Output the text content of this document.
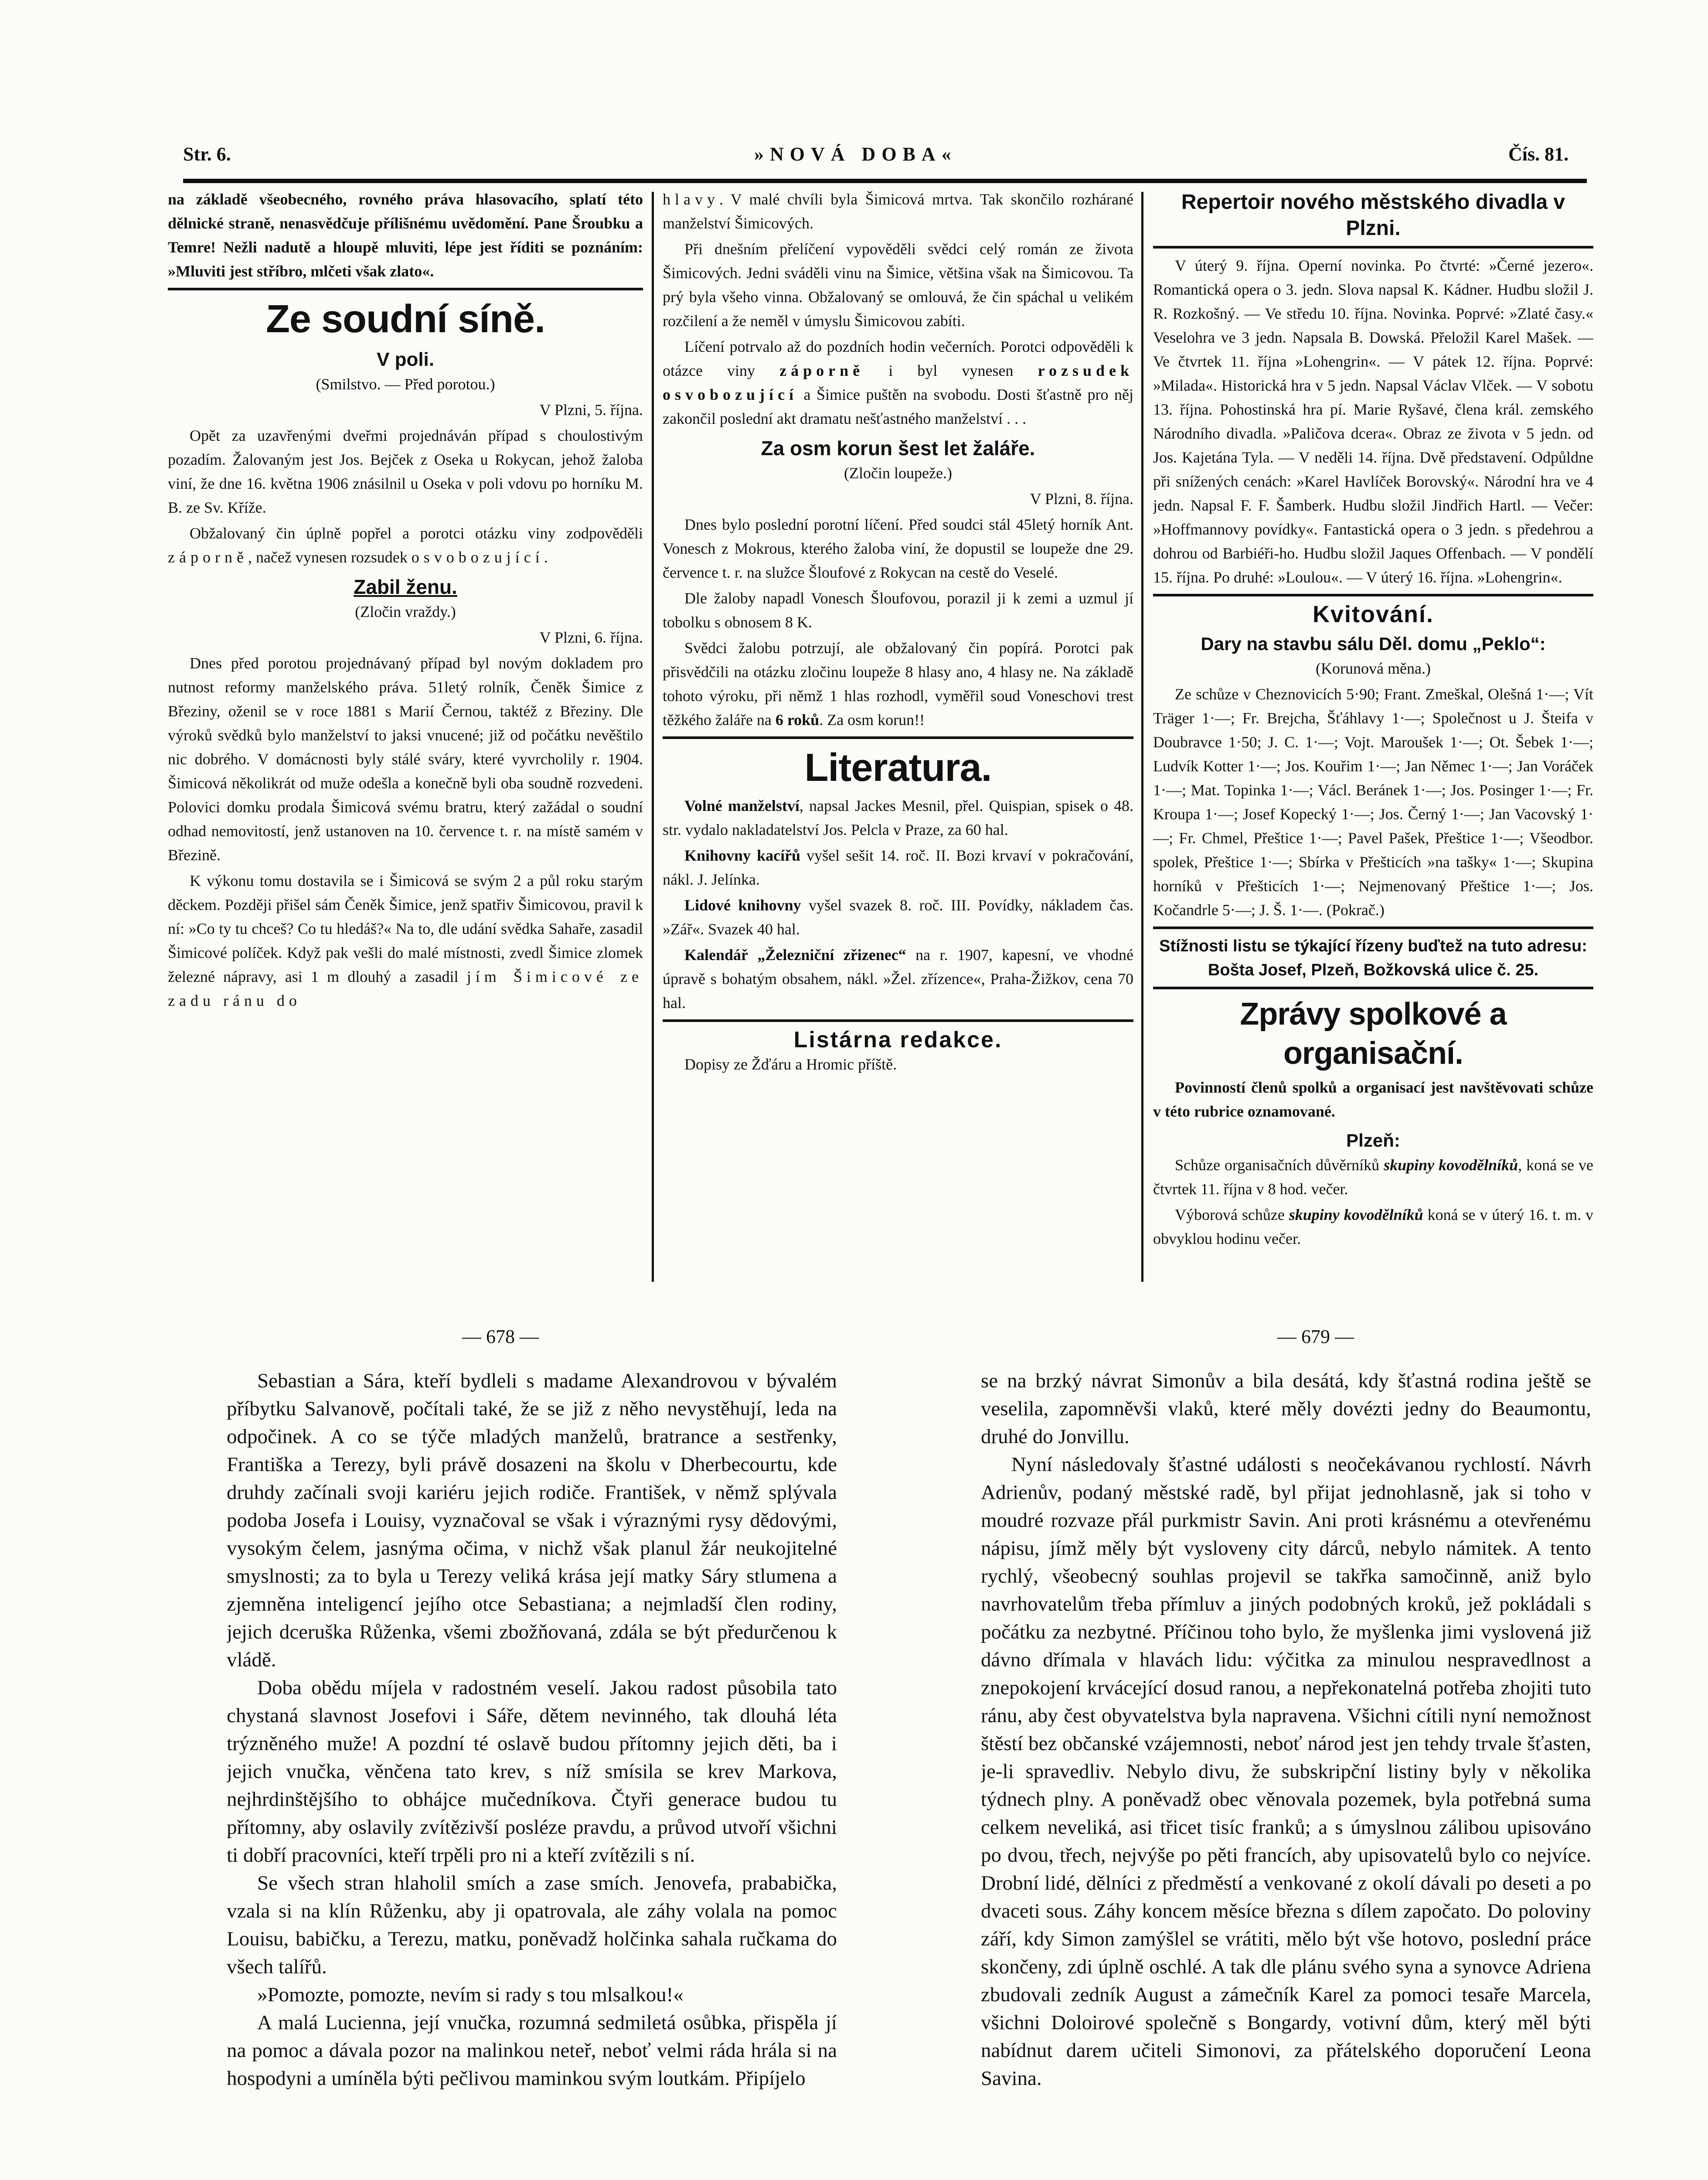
Str. 6.	»NOVÁ DOBA«	Čís. 81.

na základě všeobecného, rovného práva hlasovacího, splatí této dělnické straně, nenasvědčuje přílišnému uvědomění. Pane Šroubku a Temre! Nežli nadutě a hloupě mluviti, lépe jest říditi se poznáním: »Mluviti jest stříbro, mlčeti však zlato«.

Ze soudní síně.
V poli.

(Smilstvo. — Před porotou.)

V Plzni, 5. října.

Opět za uzavřenými dveřmi projednáván případ s choulostivým pozadím. Žalovaným jest Jos. Bejček z Oseka u Rokycan, jehož žaloba viní, že dne 16. května 1906 znásilnil u Oseka v poli vdovu po horníku M. B. ze Sv. Kříže.

Obžalovaný čin úplně popřel a porotci otázku viny zodpověděli záporně, načež vynesen rozsudek osvobozující.

Zabil ženu.

(Zločin vraždy.)

V Plzni, 6. října.

Dnes před porotou projednávaný případ byl novým dokladem pro nutnost reformy manželského práva. 51letý rolník, Čeněk Šimice z Březiny, oženil se v roce 1881 s Marií Černou, taktéž z Březiny. Dle výroků svědků bylo manželství to jaksi vnucené; již od počátku nevěštilo nic dobrého. V domácnosti byly stálé sváry, které vyvrcholily r. 1904. Šimicová několikrát od muže odešla a konečně byli oba soudně rozvedeni. Polovici domku prodala Šimicová svému bratru, který zažádal o soudní odhad nemovitostí, jenž ustanoven na 10. července t. r. na místě samém v Březině.

K výkonu tomu dostavila se i Šimicová se svým 2 a půl roku starým děckem. Později přišel sám Čeněk Šimice, jenž spatřiv Šimicovou, pravil k ní: »Co ty tu chceš? Co tu hledáš?« Na to, dle udání svědka Sahaře, zasadil Šimicové políček. Když pak vešli do malé místnosti, zvedl Šimice zlomek železné nápravy, asi 1 m dlouhý a zasadil jím Šimicové ze zadu ránu do

hlavy. V malé chvíli byla Šimicová mrtva. Tak skončilo rozhárané manželství Šimicových.

Při dnešním přelíčení vypověděli svědci celý román ze života Šimicových. Jedni sváděli vinu na Šimice, většina však na Šimicovou. Ta prý byla všeho vinna. Obžalovaný se omlouvá, že čin spáchal u velikém rozčilení a že neměl v úmyslu Šimicovou zabíti.

Líčení potrvalo až do pozdních hodin večerních. Porotci odpověděli k otázce viny záporně i byl vynesen rozsudek osvobozující a Šimice puštěn na svobodu. Dosti šťastně pro něj zakončil poslední akt dramatu nešťastného manželství . . .

Za osm korun šest let žaláře.

(Zločin loupeže.)

V Plzni, 8. října.

Dnes bylo poslední porotní líčení. Před soudci stál 45letý horník Ant. Vonesch z Mokrous, kterého žaloba viní, že dopustil se loupeže dne 29. července t. r. na služce Šloufové z Rokycan na cestě do Veselé.

Dle žaloby napadl Vonesch Šloufovou, porazil ji k zemi a uzmul jí tobolku s obnosem 8 K.

Svědci žalobu potrzují, ale obžalovaný čin popírá. Porotci pak přisvědčili na otázku zločinu loupeže 8 hlasy ano, 4 hlasy ne. Na základě tohoto výroku, při němž 1 hlas rozhodl, vyměřil soud Voneschovi trest těžkého žaláře na 6 roků. Za osm korun!!

Literatura.

Volné manželství, napsal Jackes Mesnil, přel. Quispian, spisek o 48. str. vydalo nakladatelství Jos. Pelcla v Praze, za 60 hal.

Knihovny kacířů vyšel sešit 14. roč. II. Bozi krvaví v pokračování, nákl. J. Jelínka.

Lidové knihovny vyšel svazek 8. roč. III. Povídky, nákladem čas. »Zář«. Svazek 40 hal.

Kalendář „Železniční zřizenec“ na r. 1907, kapesní, ve vhodné úpravě s bohatým obsahem, nákl. »Žel. zřízence«, Praha-Žižkov, cena 70 hal.

Listárna redakce.

Dopisy ze Žďáru a Hromic příště.

Repertoir nového městského divadla v Plzni.

V úterý 9. října. Operní novinka. Po čtvrté: »Černé jezero«. Romantická opera o 3. jedn. Slova napsal K. Kádner. Hudbu složil J. R. Rozkošný. — Ve středu 10. října. Novinka. Poprvé: »Zlaté časy.« Veselohra ve 3 jedn. Napsala B. Dowská. Přeložil Karel Mašek. — Ve čtvrtek 11. října »Lohengrin«. — V pátek 12. října. Poprvé: »Milada«. Historická hra v 5 jedn. Napsal Václav Vlček. — V sobotu 13. října. Pohostinská hra pí. Marie Ryšavé, člena král. zemského Národního divadla. »Paličova dcera«. Obraz ze života v 5 jedn. od Jos. Kajetána Tyla. — V neděli 14. října. Dvě představení. Odpůldne při snížených cenách: »Karel Havlíček Borovský«. Národní hra ve 4 jedn. Napsal F. F. Šamberk. Hudbu složil Jindřich Hartl. — Večer: »Hoffmannovy povídky«. Fantastická opera o 3 jedn. s předehrou a dohrou od Barbiéři-ho. Hudbu složil Jaques Offenbach. — V pondělí 15. října. Po druhé: »Loulou«. — V úterý 16. října. »Lohengrin«.

Kvitování.
Dary na stavbu sálu Děl. domu „Peklo“:

(Korunová měna.)

Ze schůze v Cheznovicích 5·90; Frant. Zmeškal, Olešná 1·—; Vít Träger 1·—; Fr. Brejcha, Šťáhlavy 1·—; Společnost u J. Šteifa v Doubravce 1·50; J. C. 1·—; Vojt. Maroušek 1·—; Ot. Šebek 1·—; Ludvík Kotter 1·—; Jos. Kouřim 1·—; Jan Němec 1·—; Jan Voráček 1·—; Mat. Topinka 1·—; Václ. Beránek 1·—; Jos. Posinger 1·—; Fr. Kroupa 1·—; Josef Kopecký 1·—; Jos. Černý 1·—; Jan Vacovský 1·—; Fr. Chmel, Přeštice 1·—; Pavel Pašek, Přeštice 1·—; Všeodbor. spolek, Přeštice 1·—; Sbírka v Přešticích »na tašky« 1·—; Skupina horníků v Přešticích 1·—; Nejmenovaný Přeštice 1·—; Jos. Kočandrle 5·—; J. Š. 1·—. (Pokrač.)

Stížnosti listu se týkající řízeny buďtež na tuto adresu: Bošta Josef, Plzeň, Božkovská ulice č. 25.

Zprávy spolkové a organisační.

Povinností členů spolků a organisací jest navštěvovati schůze v této rubrice oznamované.

Plzeň:

Schůze organisačních důvěrníků skupiny kovodělníků, koná se ve čtvrtek 11. října v 8 hod. večer.

Výborová schůze skupiny kovodělníků koná se v úterý 16. t. m. v obvyklou hodinu večer.

— 678 —	— 679 —

Sebastian a Sára, kteří bydleli s madame Alexandrovou v bývalém příbytku Salvanově, počítali také, že se již z něho nevystěhují, leda na odpočinek. A co se týče mladých manželů, bratrance a sestřenky, Františka a Terezy, byli právě dosazeni na školu v Dherbecourtu, kde druhdy začínali svoji kariéru jejich rodiče. František, v němž splývala podoba Josefa i Louisy, vyznačoval se však i výraznými rysy dědovými, vysokým čelem, jasnýma očima, v nichž však planul žár neukojitelné smyslnosti; za to byla u Terezy veliká krása její matky Sáry stlumena a zjemněna inteligencí jejího otce Sebastiana; a nejmladší člen rodiny, jejich dceruška Růženka, všemi zbožňovaná, zdála se být předurčenou k vládě.

Doba obědu míjela v radostném veselí. Jakou radost působila tato chystaná slavnost Josefovi i Sáře, dětem nevinného, tak dlouhá léta trýzněného muže! A pozdní té oslavě budou přítomny jejich děti, ba i jejich vnučka, věnčena tato krev, s níž smísila se krev Markova, nejhrdinštějšího to obhájce mučedníkova. Čtyři generace budou tu přítomny, aby oslavily zvítězivší posléze pravdu, a průvod utvoří všichni ti dobří pracovníci, kteří trpěli pro ni a kteří zvítězili s ní.

Se všech stran hlaholil smích a zase smích. Jenovefa, prababička, vzala si na klín Růženku, aby ji opatrovala, ale záhy volala na pomoc Louisu, babičku, a Terezu, matku, poněvadž holčinka sahala ručkama do všech talířů.

»Pomozte, pomozte, nevím si rady s tou mlsalkou!«

A malá Lucienna, její vnučka, rozumná sedmiletá osůbka, přispěla jí na pomoc a dávala pozor na malinkou neteř, neboť velmi ráda hrála si na hospodyni a umíněla býti pečlivou maminkou svým loutkám. Připíjelo

se na brzký návrat Simonův a bila desátá, kdy šťastná rodina ještě se veselila, zapomněvši vlaků, které měly dovézti jedny do Beaumontu, druhé do Jonvillu.

Nyní následovaly šťastné události s neočekávanou rychlostí. Návrh Adrienův, podaný městské radě, byl přijat jednohlasně, jak si toho v moudré rozvaze přál purkmistr Savin. Ani proti krásnému a otevřenému nápisu, jímž měly být vysloveny city dárců, nebylo námitek. A tento rychlý, všeobecný souhlas projevil se takřka samočinně, aniž bylo navrhovatelům třeba přímluv a jiných podobných kroků, jež pokládali s počátku za nezbytné. Příčinou toho bylo, že myšlenka jimi vyslovená již dávno dřímala v hlavách lidu: výčitka za minulou nespravedlnost a znepokojení krvácející dosud ranou, a nepřekonatelná potřeba zhojiti tuto ránu, aby čest obyvatelstva byla napravena. Všichni cítili nyní nemožnost štěstí bez občanské vzájemnosti, neboť národ jest jen tehdy trvale šťasten, je-li spravedliv. Nebylo divu, že subskripční listiny byly v několika týdnech plny. A poněvadž obec věnovala pozemek, byla potřebná suma celkem neveliká, asi třicet tisíc franků; a s úmyslnou zálibou upisováno po dvou, třech, nejvýše po pěti francích, aby upisovatelů bylo co nejvíce. Drobní lidé, dělníci z předměstí a venkované z okolí dávali po deseti a po dvaceti sous. Záhy koncem měsíce března s dílem započato. Do poloviny září, kdy Simon zamýšlel se vrátiti, mělo být vše hotovo, poslední práce skončeny, zdi úplně oschlé. A tak dle plánu svého syna a synovce Adriena zbudovali zedník August a zámečník Karel za pomoci tesaře Marcela, všichni Doloirové společně s Bongardy, votivní dům, který měl býti nabídnut darem učiteli Simonovi, za přátelského doporučení Leona Savina.
